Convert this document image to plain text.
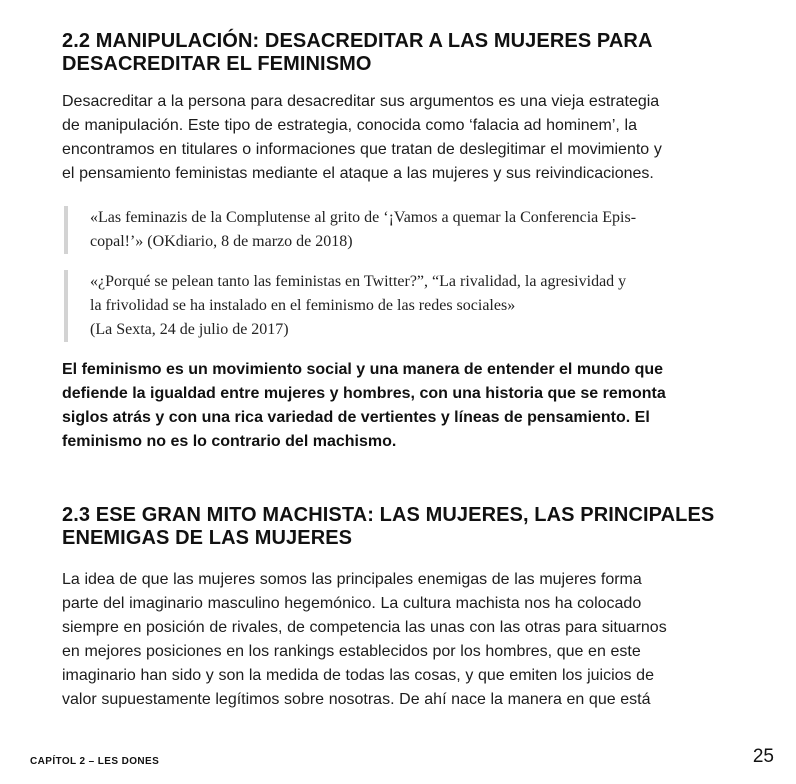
2.2 MANIPULACIÓN: DESACREDITAR A LAS MUJERES PARA
DESACREDITAR EL FEMINISMO

Desacreditar a la persona para desacreditar sus argumentos es una vieja estrategia
de manipulación. Este tipo de estrategia, conocida como ‘falacia ad hominem’, la
encontramos en titulares o informaciones que tratan de deslegitimar el movimiento y
el pensamiento feministas mediante el ataque a las mujeres y sus reivindicaciones.

«Las feminazis de la Complutense al grito de ‘¡Vamos a quemar la Conferencia Epis-
copal!’» (OKdiario, 8 de marzo de 2018)
«¿Porqué se pelean tanto las feministas en Twitter?”, “La rivalidad, la agresividad y
la frivolidad se ha instalado en el feminismo de las redes sociales»
(La Sexta, 24 de julio de 2017)

El feminismo es un movimiento social y una manera de entender el mundo que
defiende la igualdad entre mujeres y hombres, con una historia que se remonta
siglos atrás y con una rica variedad de vertientes y líneas de pensamiento. El
feminismo no es lo contrario del machismo.

2.3 ESE GRAN MITO MACHISTA: LAS MUJERES, LAS PRINCIPALES
ENEMIGAS DE LAS MUJERES

La idea de que las mujeres somos las principales enemigas de las mujeres forma
parte del imaginario masculino hegemónico. La cultura machista nos ha colocado
siempre en posición de rivales, de competencia las unas con las otras para situarnos
en mejores posiciones en los rankings establecidos por los hombres, que en este
imaginario han sido y son la medida de todas las cosas, y que emiten los juicios de
valor supuestamente legítimos sobre nosotras. De ahí nace la manera en que está

CAPÍTOL 2 – LES DONES	25
